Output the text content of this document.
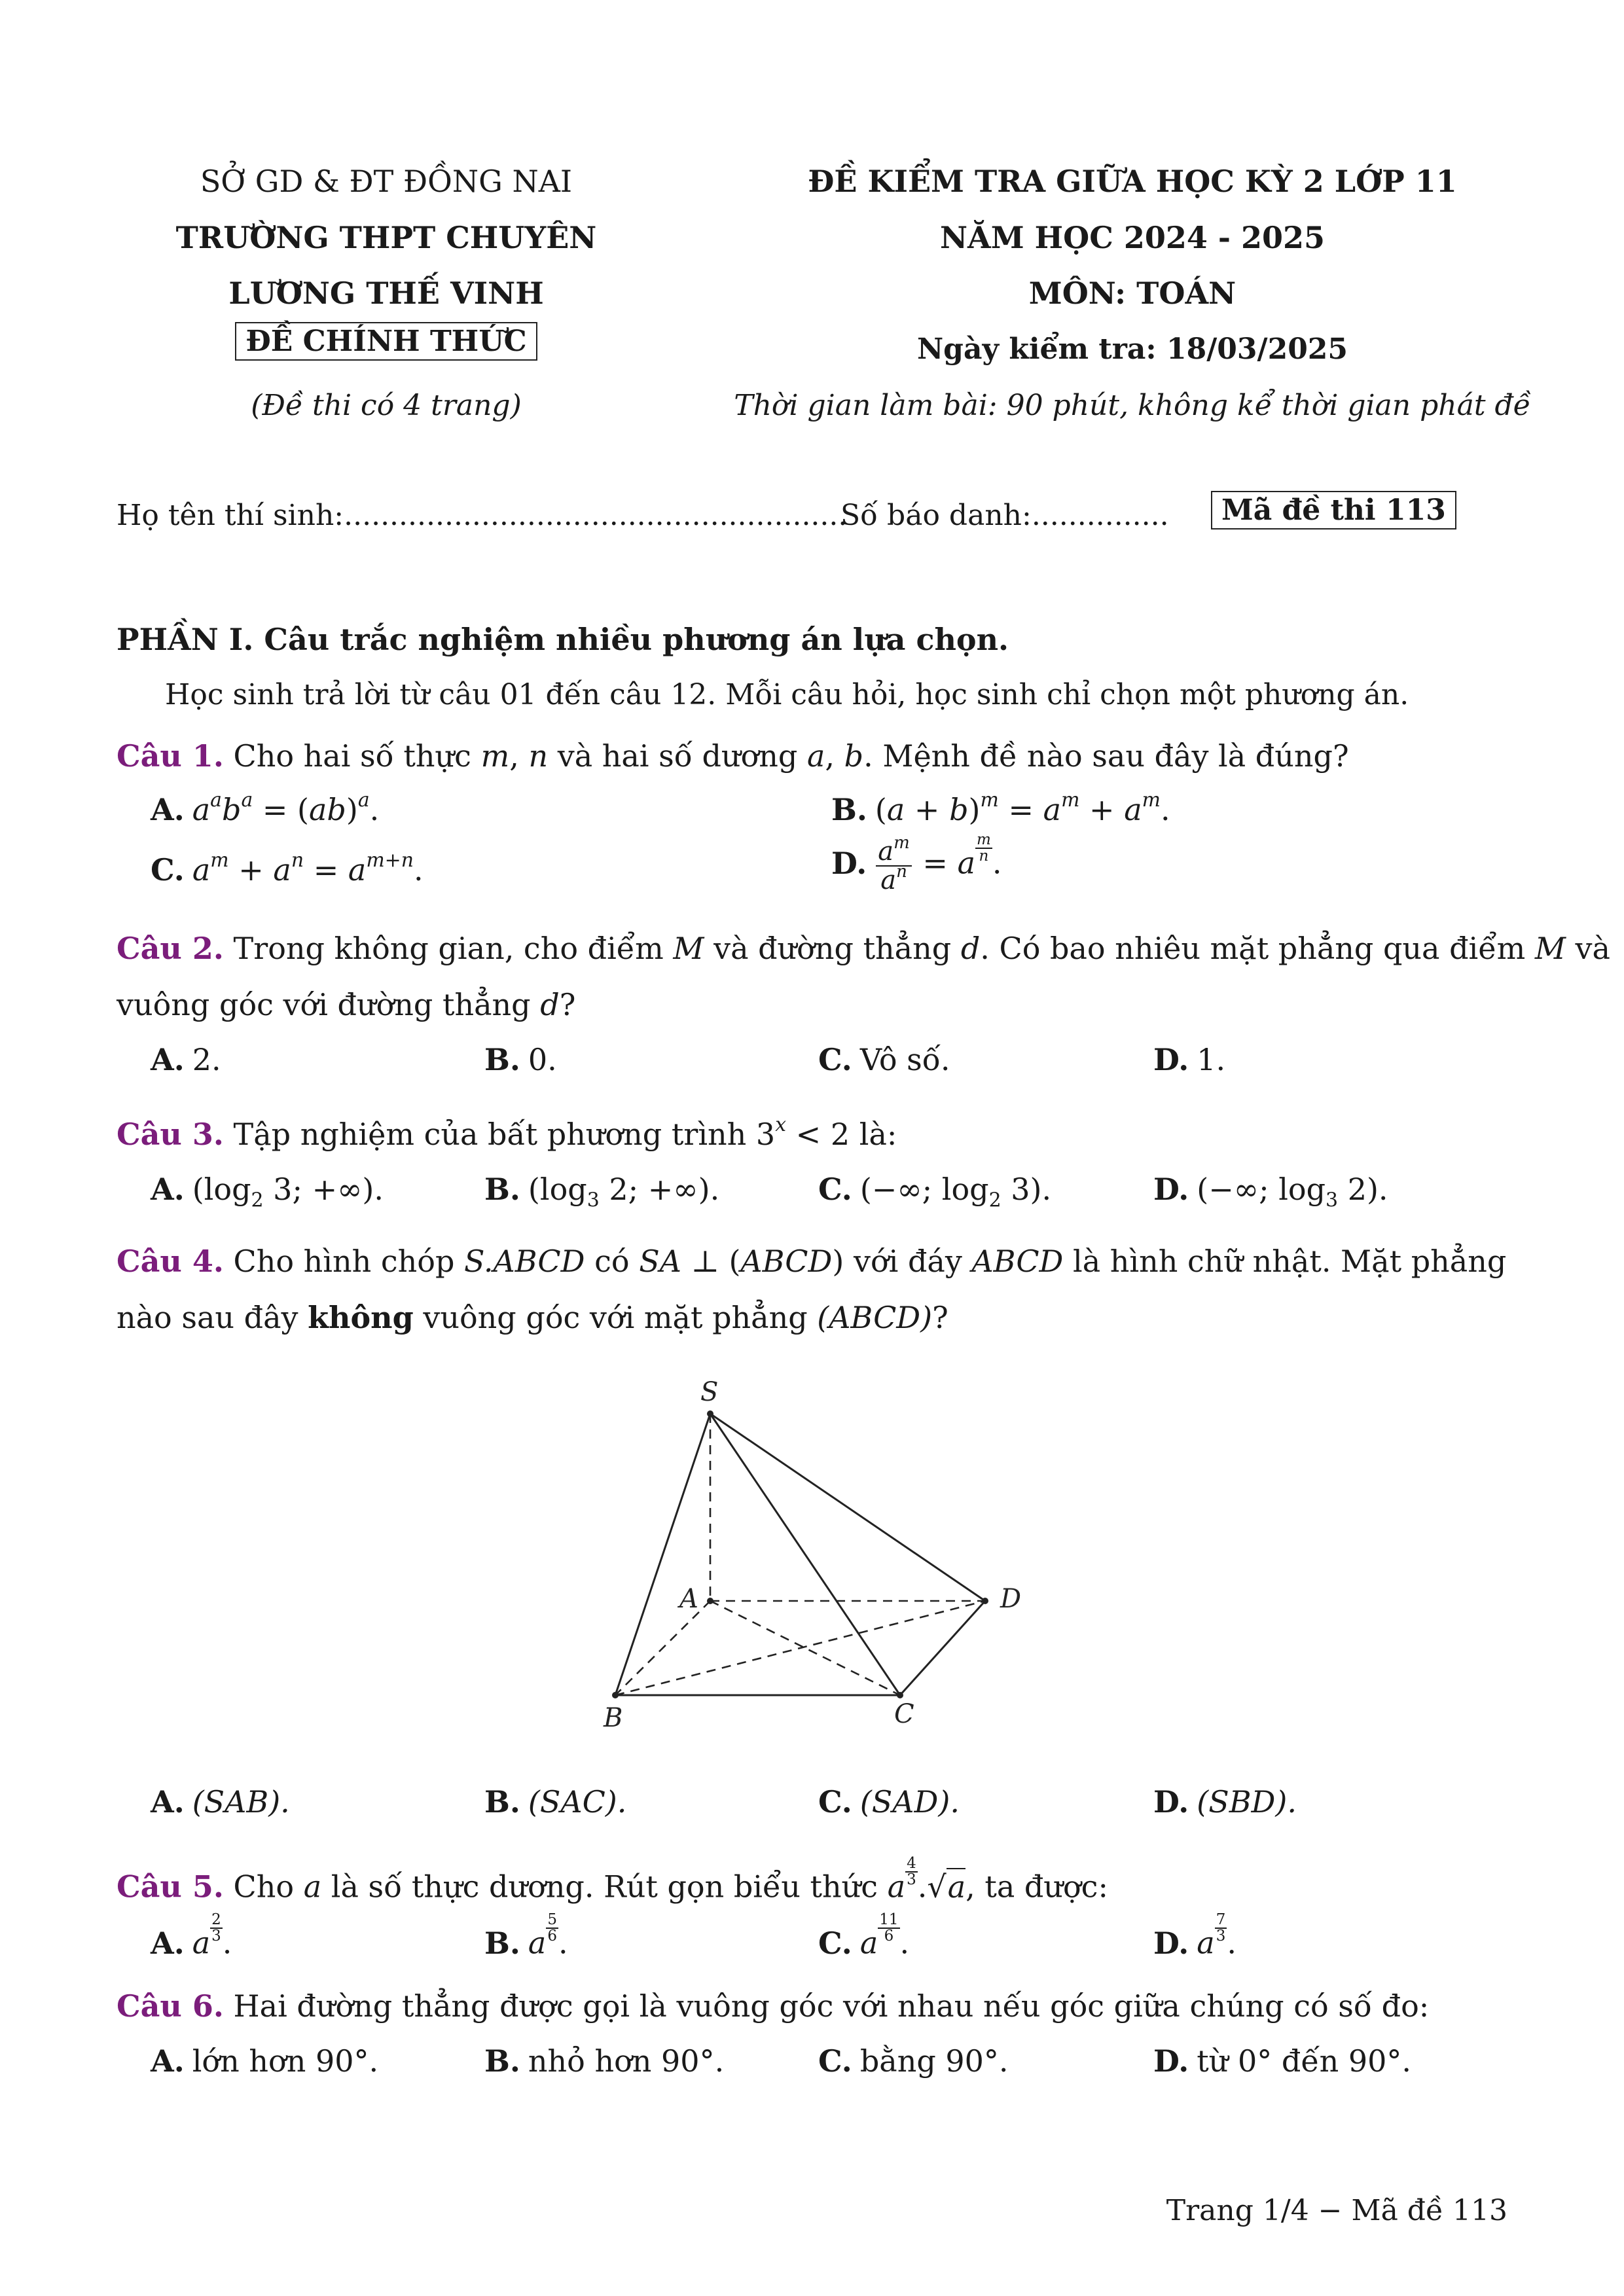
SỞ GD & ĐT ĐỒNG NAI
TRƯỜNG THPT CHUYÊN
LƯƠNG THẾ VINH
ĐỀ CHÍNH THỨC
(Đề thi có 4 trang)
ĐỀ KIỂM TRA GIỮA HỌC KỲ 2 LỚP 11
NĂM HỌC 2024 - 2025
MÔN: TOÁN
Ngày kiểm tra: 18/03/2025
Thời gian làm bài: 90 phút, không kể thời gian phát đề
Họ tên thí sinh:.......................................................
Số báo danh:...............	Mã đề thi 113
PHẦN I. Câu trắc nghiệm nhiều phương án lựa chọn.
Học sinh trả lời từ câu 01 đến câu 12. Mỗi câu hỏi, học sinh chỉ chọn một phương án.
Câu 1. Cho hai số thực m, n và hai số dương a, b. Mệnh đề nào sau đây là đúng?
A. $a^ab^a = (ab)^a$.	B. $(a + b)^m = a^m + a^m$.
C. $a^m + a^n = a^{m+n}$.	D. $\frac{a^m}{a^n} = a \frac{m}{n}$ .
Câu 2. Trong không gian, cho điểm M và đường thẳng d. Có bao nhiêu mặt phẳng qua điểm M và
vuông góc với đường thẳng d?
A. 2.	B. 0.	C. Vô số.	D. 1.
Câu 3. Tập nghiệm của bất phương trình $3^x < 2$ là:
A. ($\log_2$ 3; +∞).	B. ($\log_3$ 2; +∞).	C. (−∞; $\log_2 3$).	D. (−∞; $\log_3 2$).
Câu 4. Cho hình chóp S.ABCD có SA ⊥ (ABCD) với đáy ABCD là hình chữ nhật. Mặt phẳng
nào sau đây không vuông góc với mặt phẳng (ABCD)?
S
A
B	C
D
A. (SAB).	B. (SAC).	C. (SAD).	D. (SBD).
Câu 5. Cho a là số thực dương. Rút gọn biểu thức a $\frac{4}{3} .√a$, ta được:
A. a $\frac{2}{3}$ .	B. a $\frac{5}{6}$ .	C. a $\frac{11}{6}$ .	D. a $\frac{7}{3}$ .
Câu 6. Hai đường thẳng được gọi là vuông góc với nhau nếu góc giữa chúng có số đo:
A. lớn hơn 90°.	B. nhỏ hơn 90°.	C. bằng 90°.	D. từ 0° đến 90°.
Trang 1/4 − Mã đề 113
